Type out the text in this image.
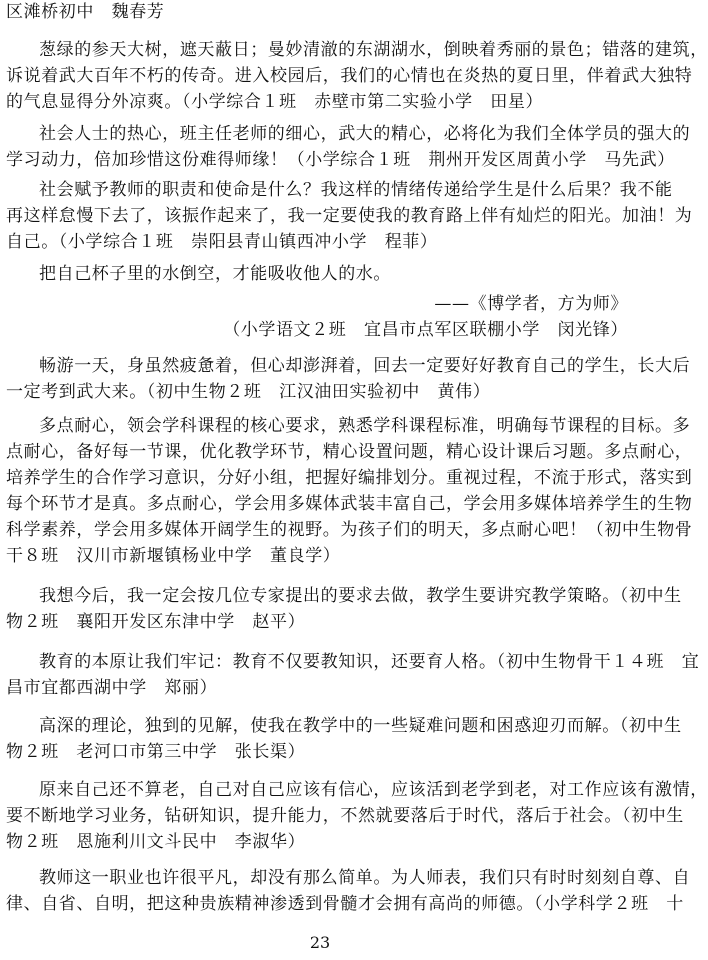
区滩桥初中　魏春芳
葱绿的参天大树，遮天蔽日；曼妙清澈的东湖湖水，倒映着秀丽的景色；错落的建筑，
诉说着武大百年不朽的传奇。进入校园后，我们的心情也在炎热的夏日里，伴着武大独特
的气息显得分外凉爽。（小学综合１班　赤壁市第二实验小学　田星）
社会人士的热心，班主任老师的细心，武大的精心，必将化为我们全体学员的强大的
学习动力，倍加珍惜这份难得师缘！（小学综合１班　荆州开发区周黄小学　马先武）
社会赋予教师的职责和使命是什么？我这样的情绪传递给学生是什么后果？我不能
再这样怠慢下去了，该振作起来了，我一定要使我的教育路上伴有灿烂的阳光。加油！为
自己。（小学综合１班　崇阳县青山镇西冲小学　程菲）
把自己杯子里的水倒空，才能吸收他人的水。
——《博学者，方为师》
（小学语文２班　宜昌市点军区联棚小学　闵光锋）
畅游一天，身虽然疲惫着，但心却澎湃着，回去一定要好好教育自己的学生，长大后
一定考到武大来。（初中生物２班　江汉油田实验初中　黄伟）
多点耐心，领会学科课程的核心要求，熟悉学科课程标准，明确每节课程的目标。多
点耐心，备好每一节课，优化教学环节，精心设置问题，精心设计课后习题。多点耐心，
培养学生的合作学习意识，分好小组，把握好编排划分。重视过程，不流于形式，落实到
每个环节才是真。多点耐心，学会用多媒体武装丰富自己，学会用多媒体培养学生的生物
科学素养，学会用多媒体开阔学生的视野。为孩子们的明天，多点耐心吧！（初中生物骨
干８班　汉川市新堰镇杨业中学　董良学）
我想今后，我一定会按几位专家提出的要求去做，教学生要讲究教学策略。（初中生
物２班　襄阳开发区东津中学　赵平）
教育的本原让我们牢记：教育不仅要教知识，还要育人格。（初中生物骨干１４班　宜
昌市宜都西湖中学　郑丽）
高深的理论，独到的见解，使我在教学中的一些疑难问题和困惑迎刃而解。（初中生
物２班　老河口市第三中学　张长渠）
原来自己还不算老，自己对自己应该有信心，应该活到老学到老，对工作应该有激情，
要不断地学习业务，钻研知识，提升能力，不然就要落后于时代，落后于社会。（初中生
物２班　恩施利川文斗民中　李淑华）
教师这一职业也许很平凡，却没有那么简单。为人师表，我们只有时时刻刻自尊、自
律、自省、自明，把这种贵族精神渗透到骨髓才会拥有高尚的师德。（小学科学２班　十
23
